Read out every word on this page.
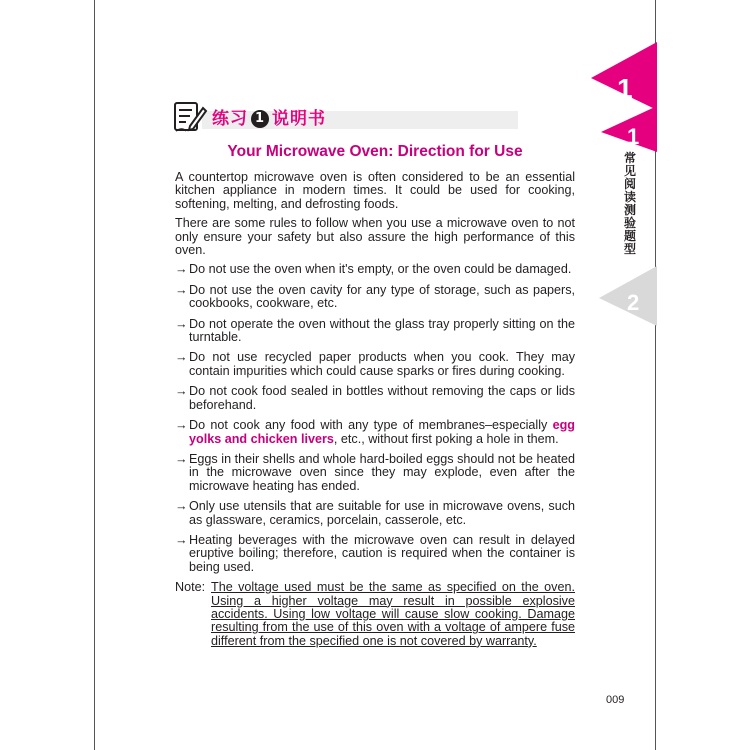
练习 1 说明书
Your Microwave Oven: Direction for Use

A countertop microwave oven is often considered to be an essential kitchen appliance in modern times. It could be used for cooking, softening, melting, and defrosting foods.

There are some rules to follow when you use a microwave oven to not only ensure your safety but also assure the high performance of this oven.

→Do not use the oven when it's empty, or the oven could be damaged.
→Do not use the oven cavity for any type of storage, such as papers, cookbooks, cookware, etc.
→Do not operate the oven without the glass tray properly sitting on the turntable.
→Do not use recycled paper products when you cook. They may contain impurities which could cause sparks or fires during cooking.
→Do not cook food sealed in bottles without removing the caps or lids beforehand.
→Do not cook any food with any type of membranes–especially egg yolks and chicken livers, etc., without first poking a hole in them.
→Eggs in their shells and whole hard-boiled eggs should not be heated in the microwave oven since they may explode, even after the microwave heating has ended.
→Only use utensils that are suitable for use in microwave ovens, such as glassware, ceramics, porcelain, casserole, etc.
→Heating beverages with the microwave oven can result in delayed eruptive boiling; therefore, caution is required when the container is being used.
Note: The voltage used must be the same as specified on the oven. Using a higher voltage may result in possible explosive accidents. Using low voltage will cause slow cooking. Damage resulting from the use of this oven with a voltage of ampere fuse different from the specified one is not covered by warranty.
Chapter
1
Part
1
Part
2
常见阅读测验题型
009
